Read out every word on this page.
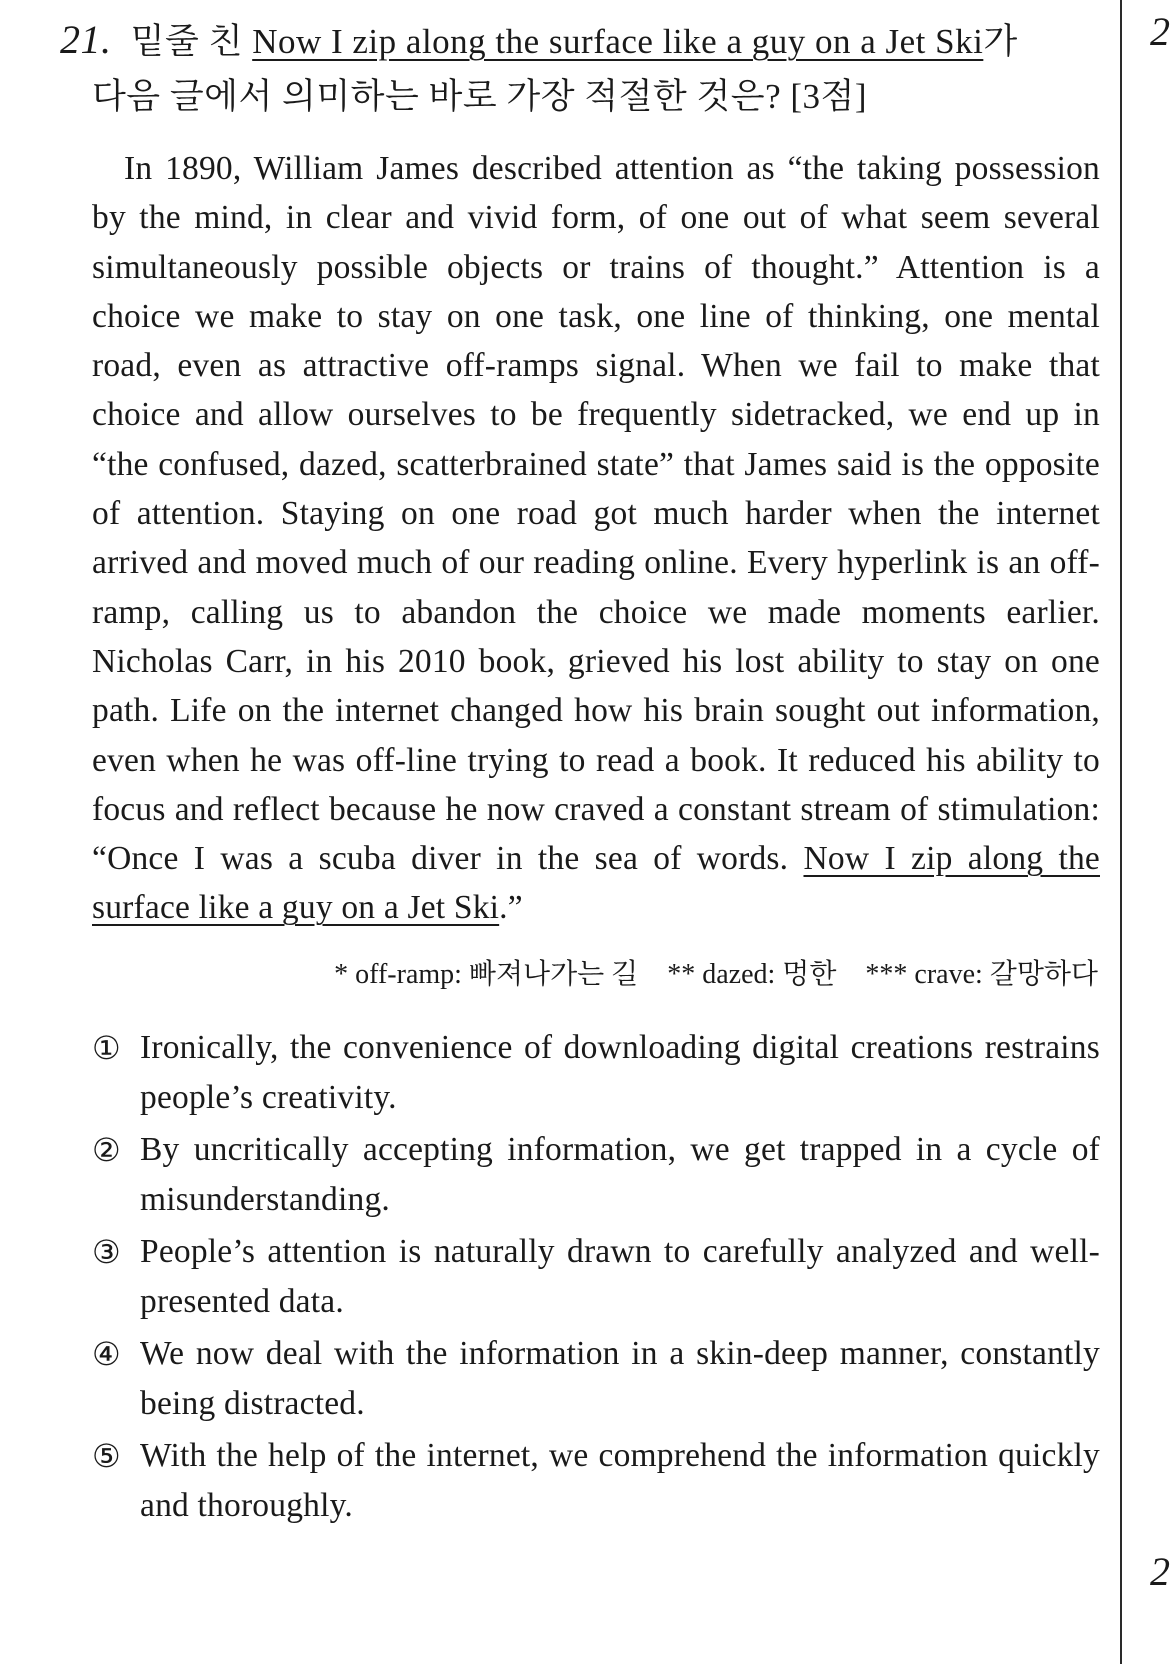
21. 밑줄 친 Now I zip along the surface like a guy on a Jet Ski가
다음 글에서 의미하는 바로 가장 적절한 것은? [3점]
In 1890, William James described attention as “the taking possession by the mind, in clear and vivid form, of one out of what seem several simultaneously possible objects or trains of thought.” Attention is a choice we make to stay on one task, one line of thinking, one mental road, even as attractive off-ramps signal. When we fail to make that choice and allow ourselves to be frequently sidetracked, we end up in “the confused, dazed, scatterbrained state” that James said is the opposite of attention. Staying on one road got much harder when the internet arrived and moved much of our reading online. Every hyperlink is an off-ramp, calling us to abandon the choice we made moments earlier. Nicholas Carr, in his 2010 book, grieved his lost ability to stay on one path. Life on the internet changed how his brain sought out information, even when he was off-line trying to read a book. It reduced his ability to focus and reflect because he now craved a constant stream of stimulation: “Once I was a scuba diver in the sea of words. Now I zip along the surface like a guy on a Jet Ski.”
* off-ramp: 빠져나가는 길 ** dazed: 멍한 *** crave: 갈망하다
① Ironically, the convenience of downloading digital creations restrains people’s creativity.
② By uncritically accepting information, we get trapped in a cycle of misunderstanding.
③ People’s attention is naturally drawn to carefully analyzed and well-presented data.
④ We now deal with the information in a skin-deep manner, constantly being distracted.
⑤ With the help of the internet, we comprehend the information quickly and thoroughly.
2
2
